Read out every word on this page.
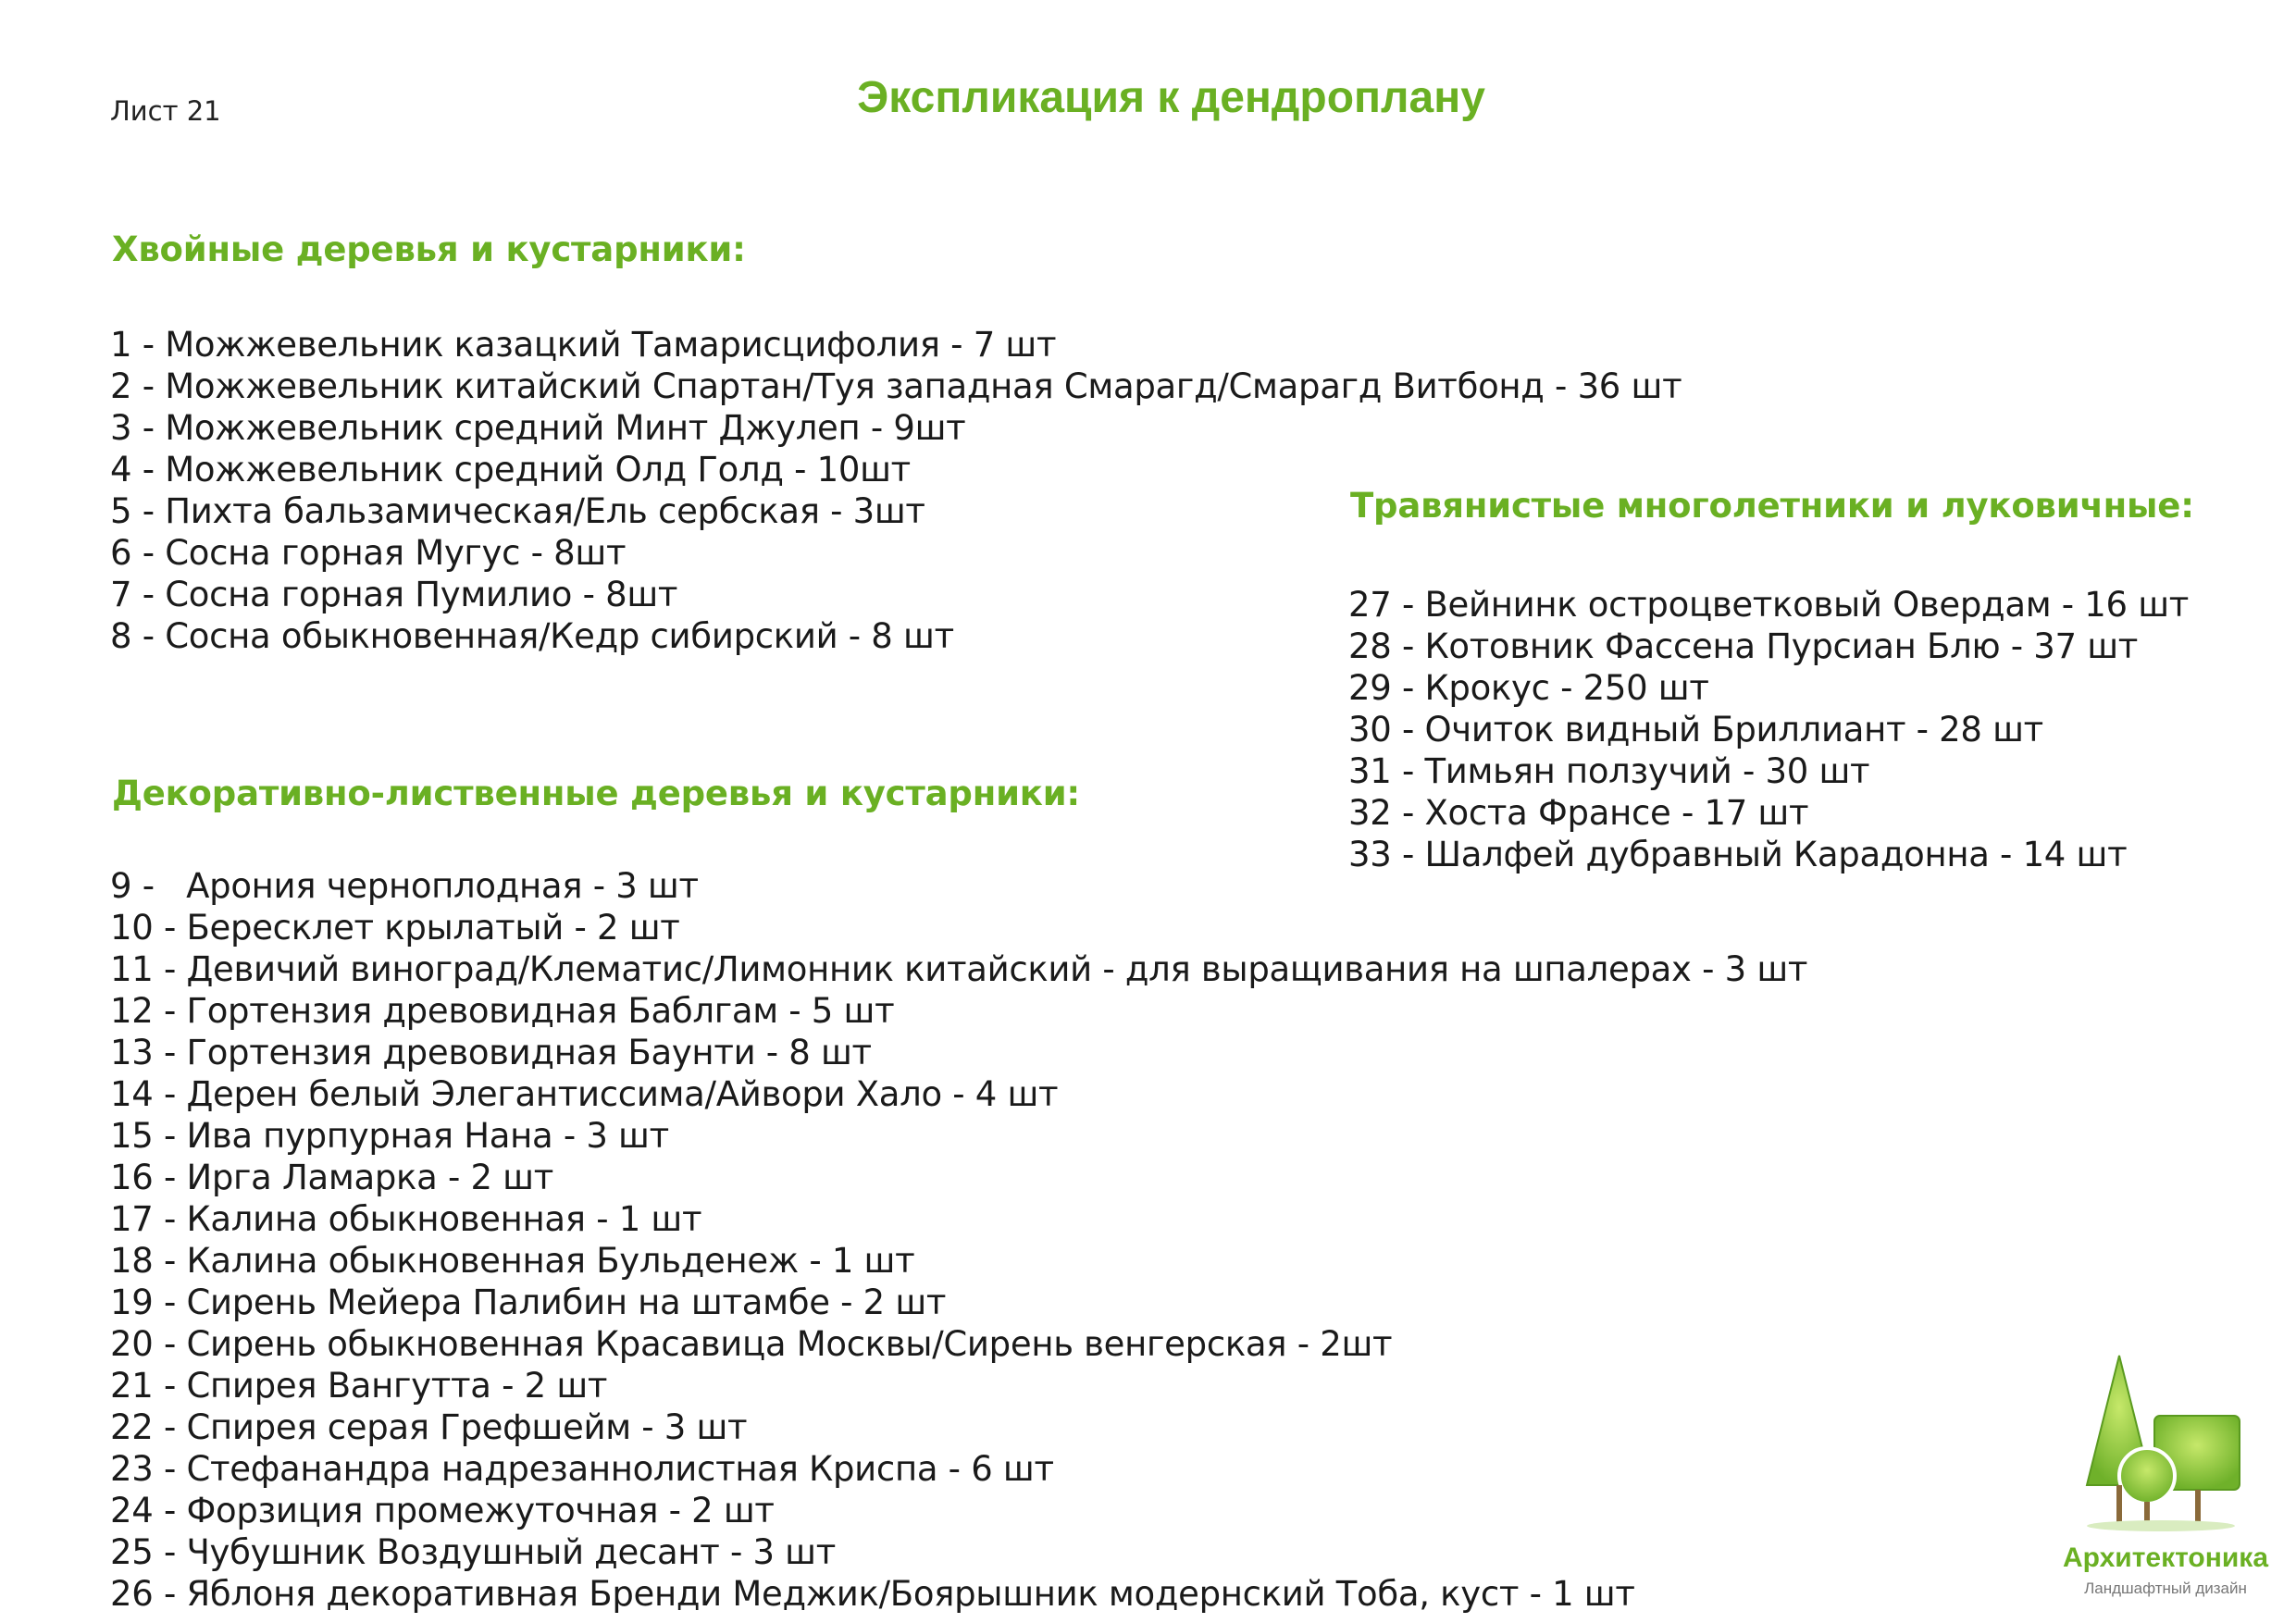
Лист 21	Экспликация к дендроплану
Хвойные деревья и кустарники:
1 - Можжевельник казацкий Тамарисцифолия - 7 шт
2 - Можжевельник китайский Спартан/Туя западная Смарагд/Смарагд Витбонд - 36 шт
3 - Можжевельник средний Минт Джулеп - 9шт
4 - Можжевельник средний Олд Голд - 10шт
5 - Пихта бальзамическая/Ель сербская - 3шт
6 - Сосна горная Мугус - 8шт
7 - Сосна горная Пумилио - 8шт
8 - Сосна обыкновенная/Кедр сибирский - 8 шт
Декоративно-лиственные деревья и кустарники:
9 -   Арония черноплодная - 3 шт
10 - Бересклет крылатый - 2 шт
11 - Девичий виноград/Клематис/Лимонник китайский - для выращивания на шпалерах - 3 шт
12 - Гортензия древовидная Баблгам - 5 шт
13 - Гортензия древовидная Баунти - 8 шт
14 - Дерен белый Элегантиссима/Айвори Хало - 4 шт
15 - Ива пурпурная Нана - 3 шт
16 - Ирга Ламарка - 2 шт
17 - Калина обыкновенная - 1 шт
18 - Калина обыкновенная Бульденеж - 1 шт
19 - Сирень Мейера Палибин на штамбе - 2 шт
20 - Сирень обыкновенная Красавица Москвы/Сирень венгерская - 2шт
21 - Спирея Вангутта - 2 шт
22 - Спирея серая Грефшейм - 3 шт
23 - Стефанандра надрезаннолистная Криспа - 6 шт
24 - Форзиция промежуточная - 2 шт
25 - Чубушник Воздушный десант - 3 шт
26 - Яблоня декоративная Бренди Меджик/Боярышник модернский Тоба, куст - 1 шт
Травянистые многолетники и луковичные:
27 - Вейнинк остроцветковый Овердам - 16 шт
28 - Котовник Фассена Пурсиан Блю - 37 шт
29 - Крокус - 250 шт
30 - Очиток видный Бриллиант - 28 шт
31 - Тимьян ползучий - 30 шт
32 - Хоста Франсе - 17 шт
33 - Шалфей дубравный Карадонна - 14 шт
Архитектоника
Ландшафтный дизайн
